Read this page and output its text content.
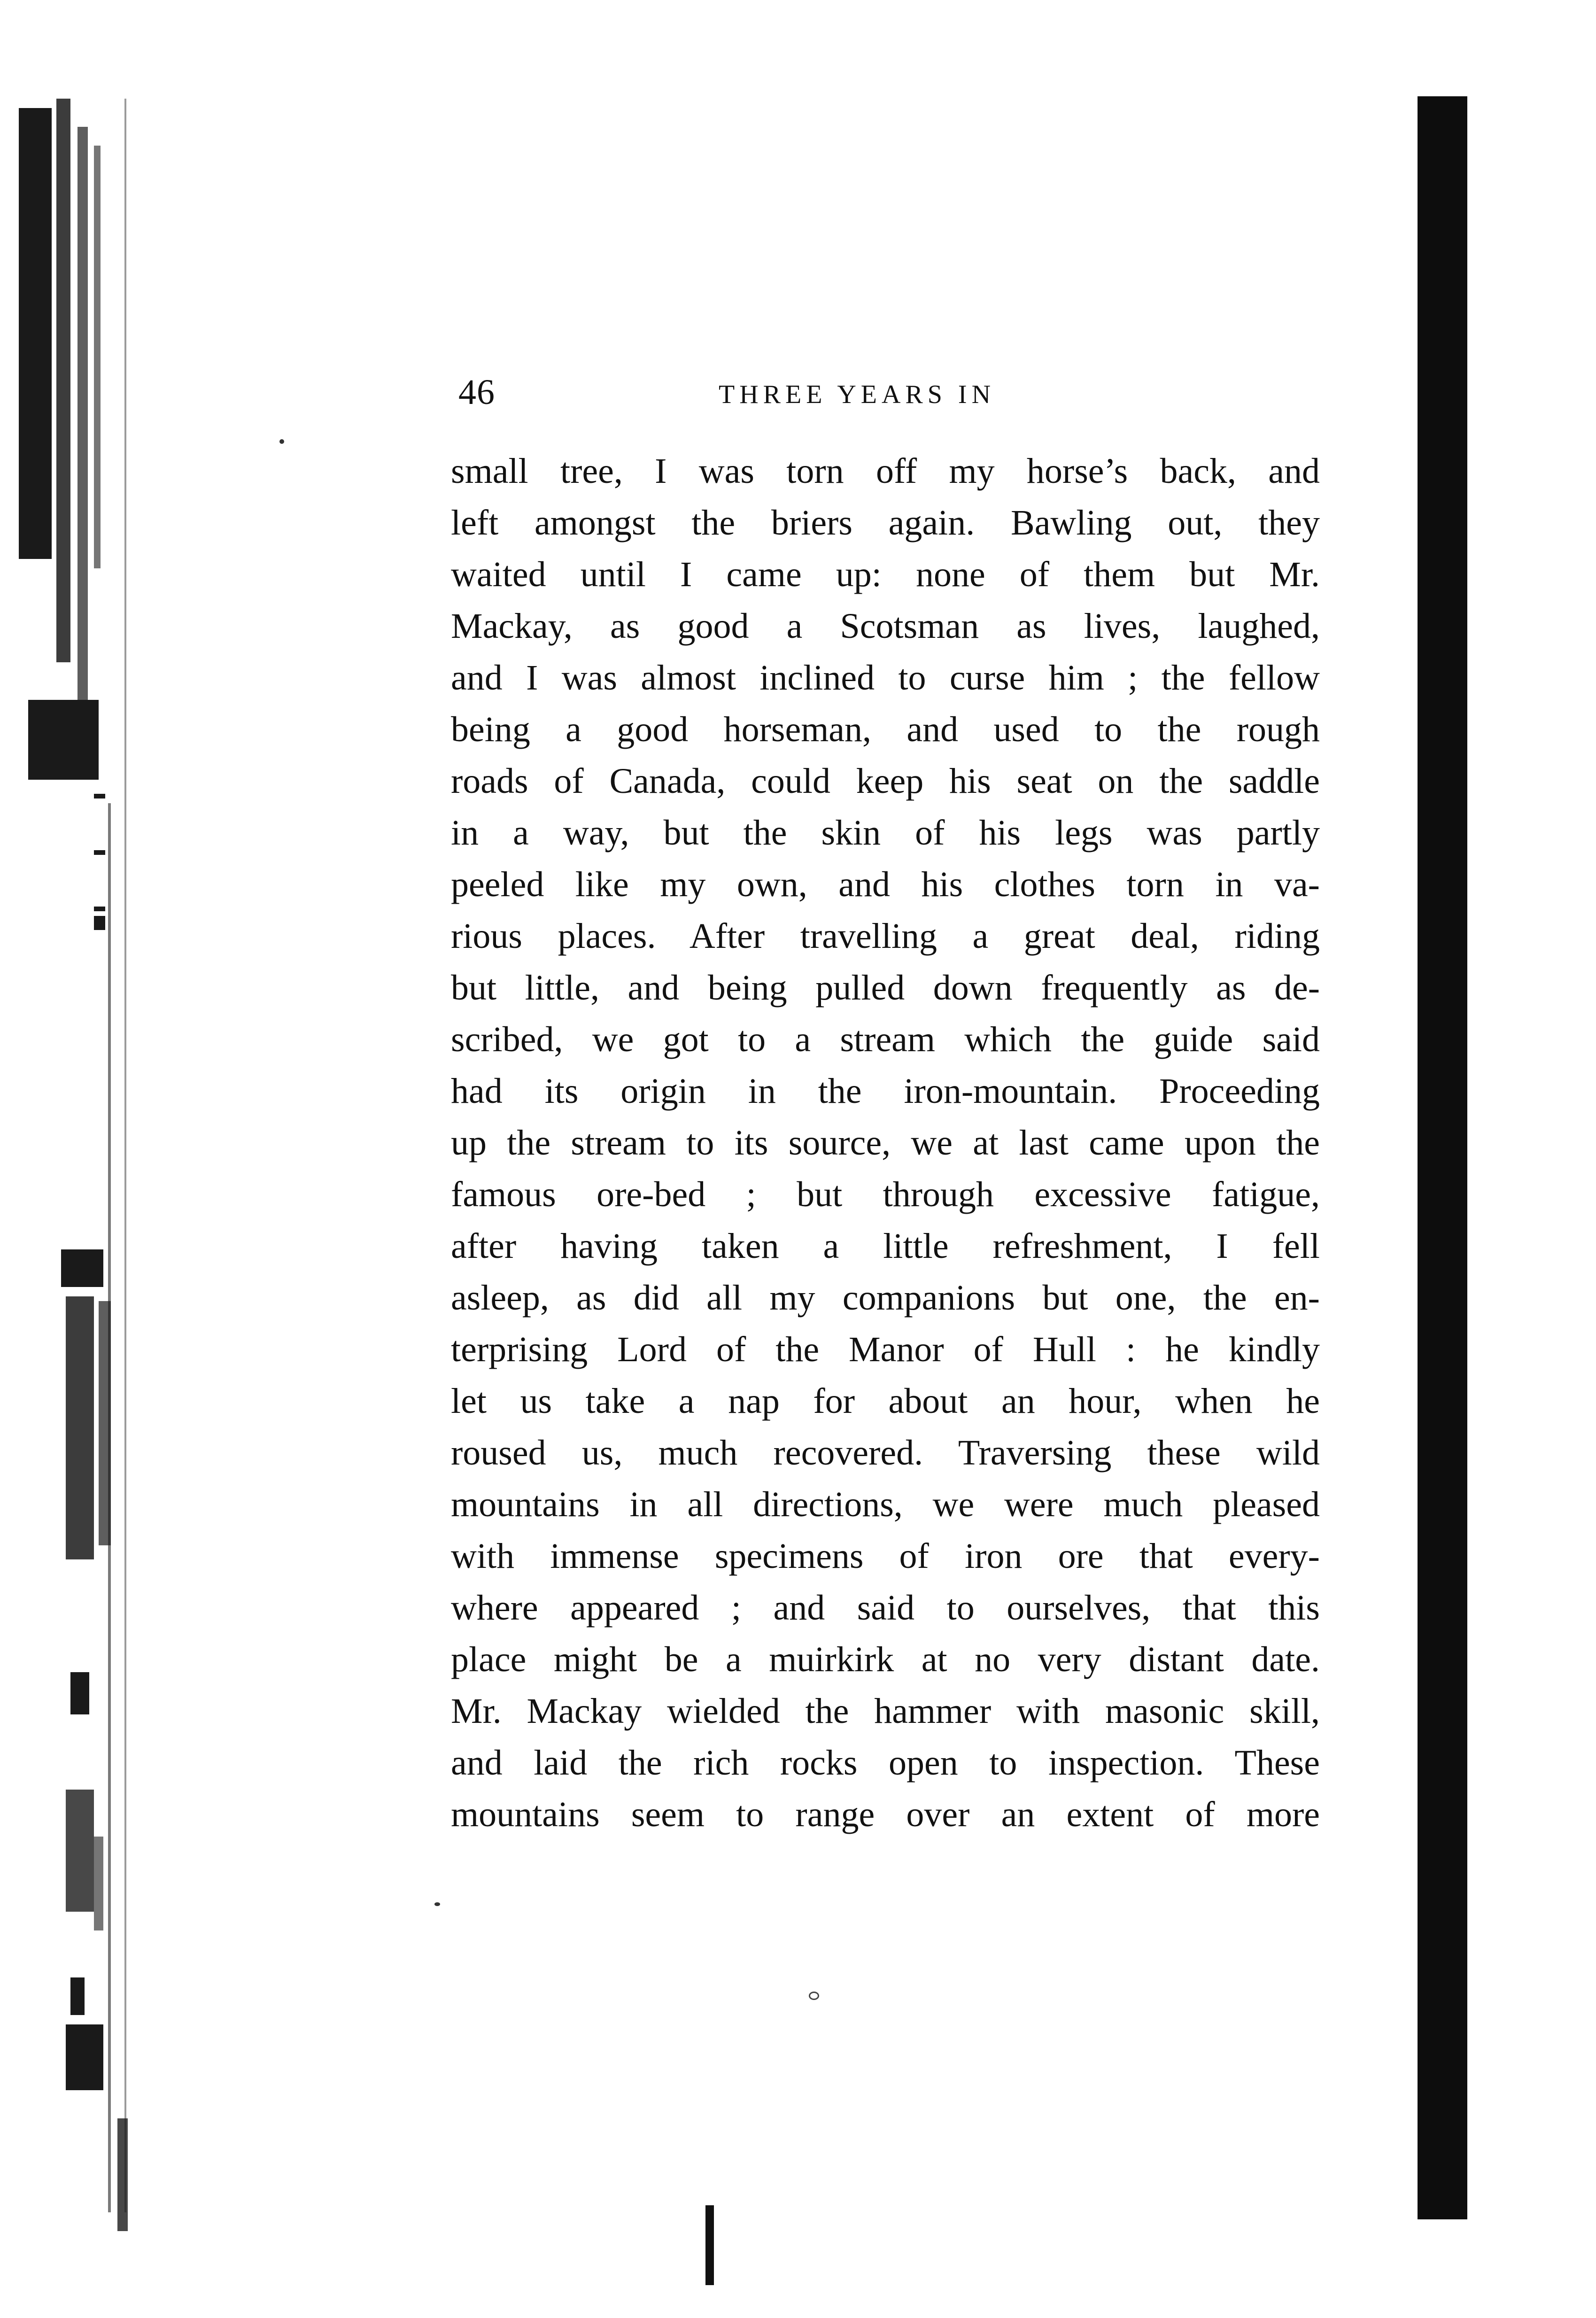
46	THREE YEARS IN
small tree, I was torn off my horse’s back, and
left amongst the briers again. Bawling out, they
waited until I came up: none of them but Mr.
Mackay, as good a Scotsman as lives, laughed,
and I was almost inclined to curse him ; the fellow
being a good horseman, and used to the rough
roads of Canada, could keep his seat on the saddle
in a way, but the skin of his legs was partly
peeled like my own, and his clothes torn in va-
rious places. After travelling a great deal, riding
but little, and being pulled down frequently as de-
scribed, we got to a stream which the guide said
had its origin in the iron-mountain. Proceeding
up the stream to its source, we at last came upon the
famous ore-bed ; but through excessive fatigue,
after having taken a little refreshment, I fell
asleep, as did all my companions but one, the en-
terprising Lord of the Manor of Hull : he kindly
let us take a nap for about an hour, when he
roused us, much recovered. Traversing these wild
mountains in all directions, we were much pleased
with immense specimens of iron ore that every-
where appeared ; and said to ourselves, that this
place might be a muirkirk at no very distant date.
Mr. Mackay wielded the hammer with masonic skill,
and laid the rich rocks open to inspection. These
mountains seem to range over an extent of more
